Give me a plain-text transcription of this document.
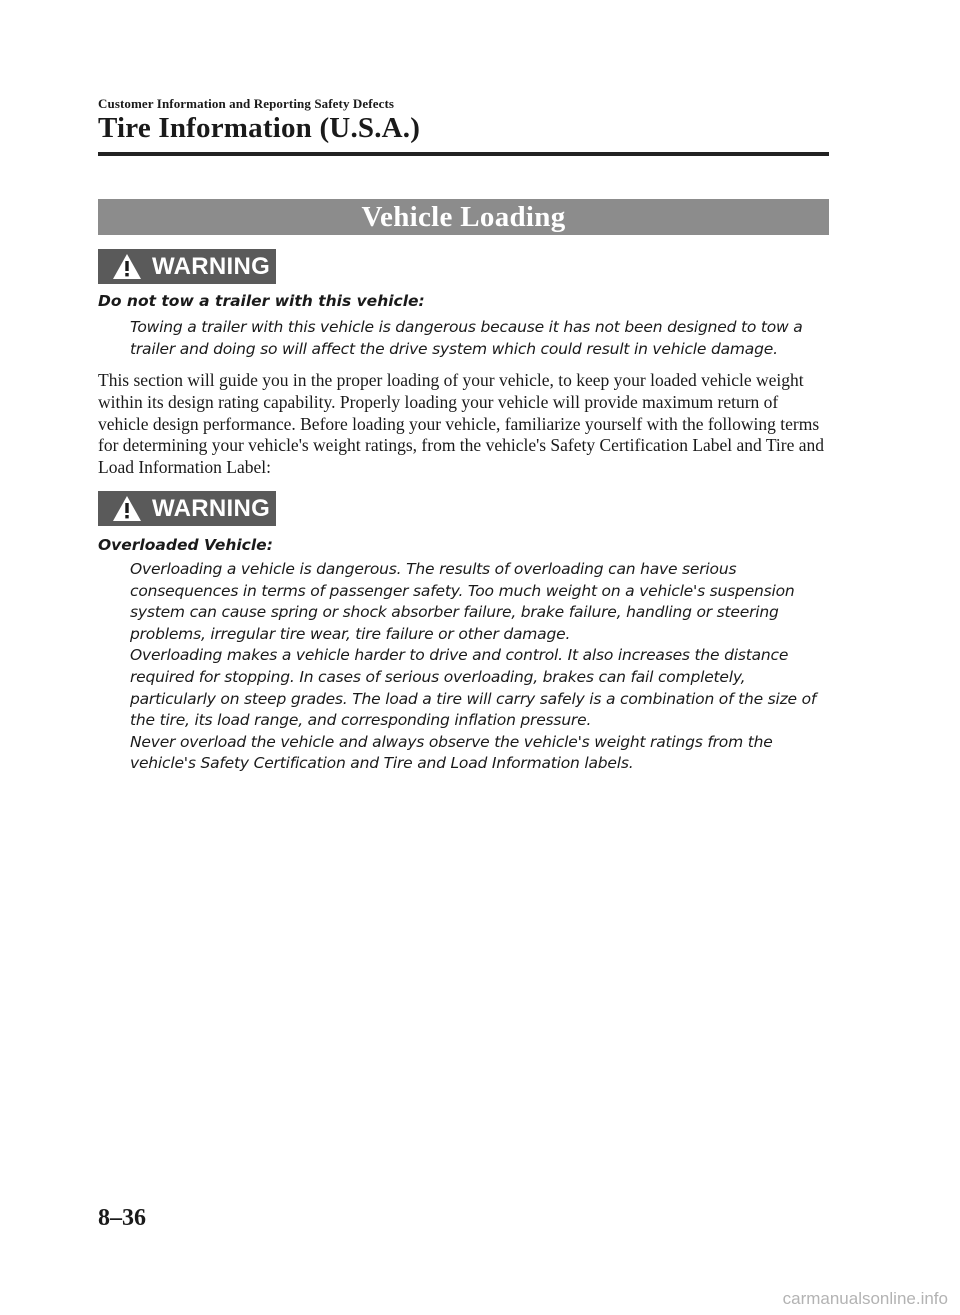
Customer Information and Reporting Safety Defects
Tire Information (U.S.A.)
Vehicle Loading
WARNING
Do not tow a trailer with this vehicle:

Towing a trailer with this vehicle is dangerous because it has not been designed to tow a trailer and doing so will affect the drive system which could result in vehicle damage.

This section will guide you in the proper loading of your vehicle, to keep your loaded vehicle weight within its design rating capability. Properly loading your vehicle will provide maximum return of vehicle design performance. Before loading your vehicle, familiarize yourself with the following terms for determining your vehicle's weight ratings, from the vehicle's Safety Certification Label and Tire and Load Information Label:
WARNING
Overloaded Vehicle:

Overloading a vehicle is dangerous. The results of overloading can have serious consequences in terms of passenger safety. Too much weight on a vehicle's suspension system can cause spring or shock absorber failure, brake failure, handling or steering problems, irregular tire wear, tire failure or other damage.

Overloading makes a vehicle harder to drive and control. It also increases the distance required for stopping. In cases of serious overloading, brakes can fail completely, particularly on steep grades. The load a tire will carry safely is a combination of the size of the tire, its load range, and corresponding inflation pressure.

Never overload the vehicle and always observe the vehicle's weight ratings from the vehicle's Safety Certification and Tire and Load Information labels.

8–36
carmanualsonline.info
